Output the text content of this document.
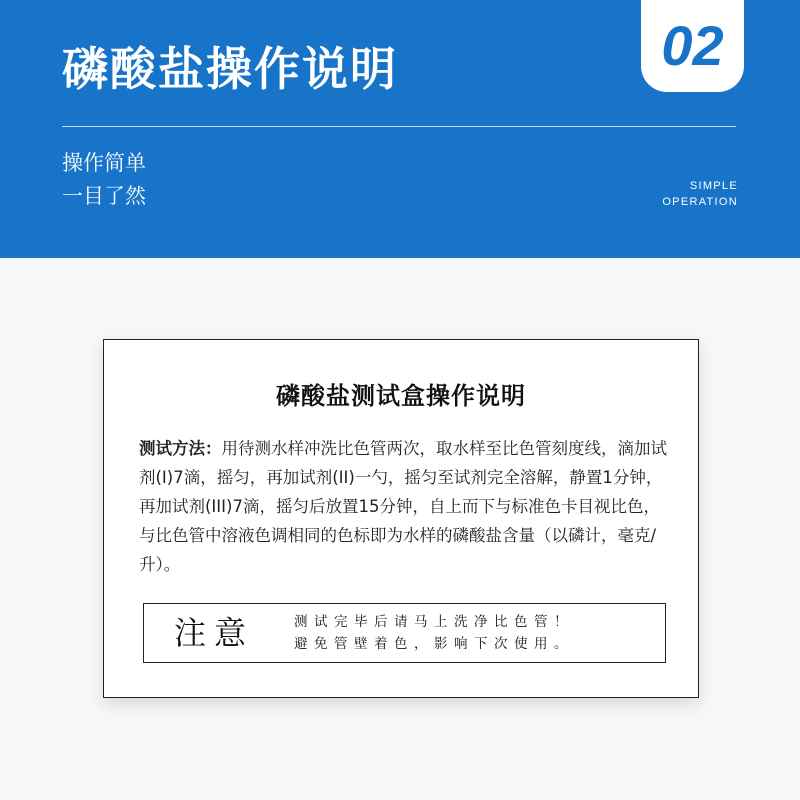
磷酸盐操作说明	02
操作简单
一目了然	SIMPLE
OPERATION
磷酸盐测试盒操作说明
测试方法：用待测水样冲洗比色管两次，取水样至比色管刻度线，滴加试剂(I)7滴，摇匀，再加试剂(II)一勺，摇匀至试剂完全溶解，静置1分钟，再加试剂(III)7滴，摇匀后放置15分钟，自上而下与标准色卡目视比色，与比色管中溶液色调相同的色标即为水样的磷酸盐含量（以磷计，毫克/升）。
注意	测试完毕后请马上洗净比色管！
避免管壁着色，影响下次使用。
